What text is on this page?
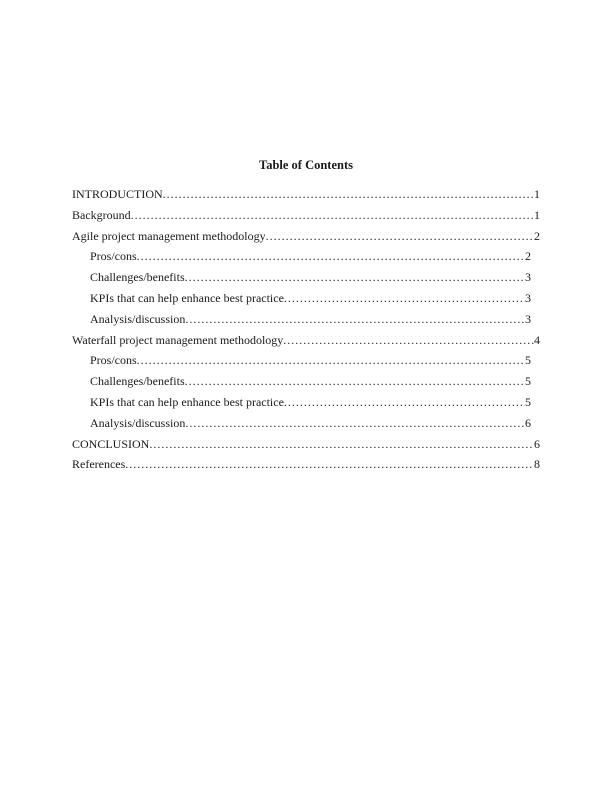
Table of Contents
INTRODUCTION .....	1
Background .....	1
Agile project management methodology .....	2
Pros/cons .....	2
Challenges/benefits .....	3
KPIs that can help enhance best practice .....	3
Analysis/discussion .....	3
Waterfall project management methodology .....	4
Pros/cons .....	5
Challenges/benefits .....	5
KPIs that can help enhance best practice .....	5
Analysis/discussion .....	6
CONCLUSION .....	6
References .....	8
